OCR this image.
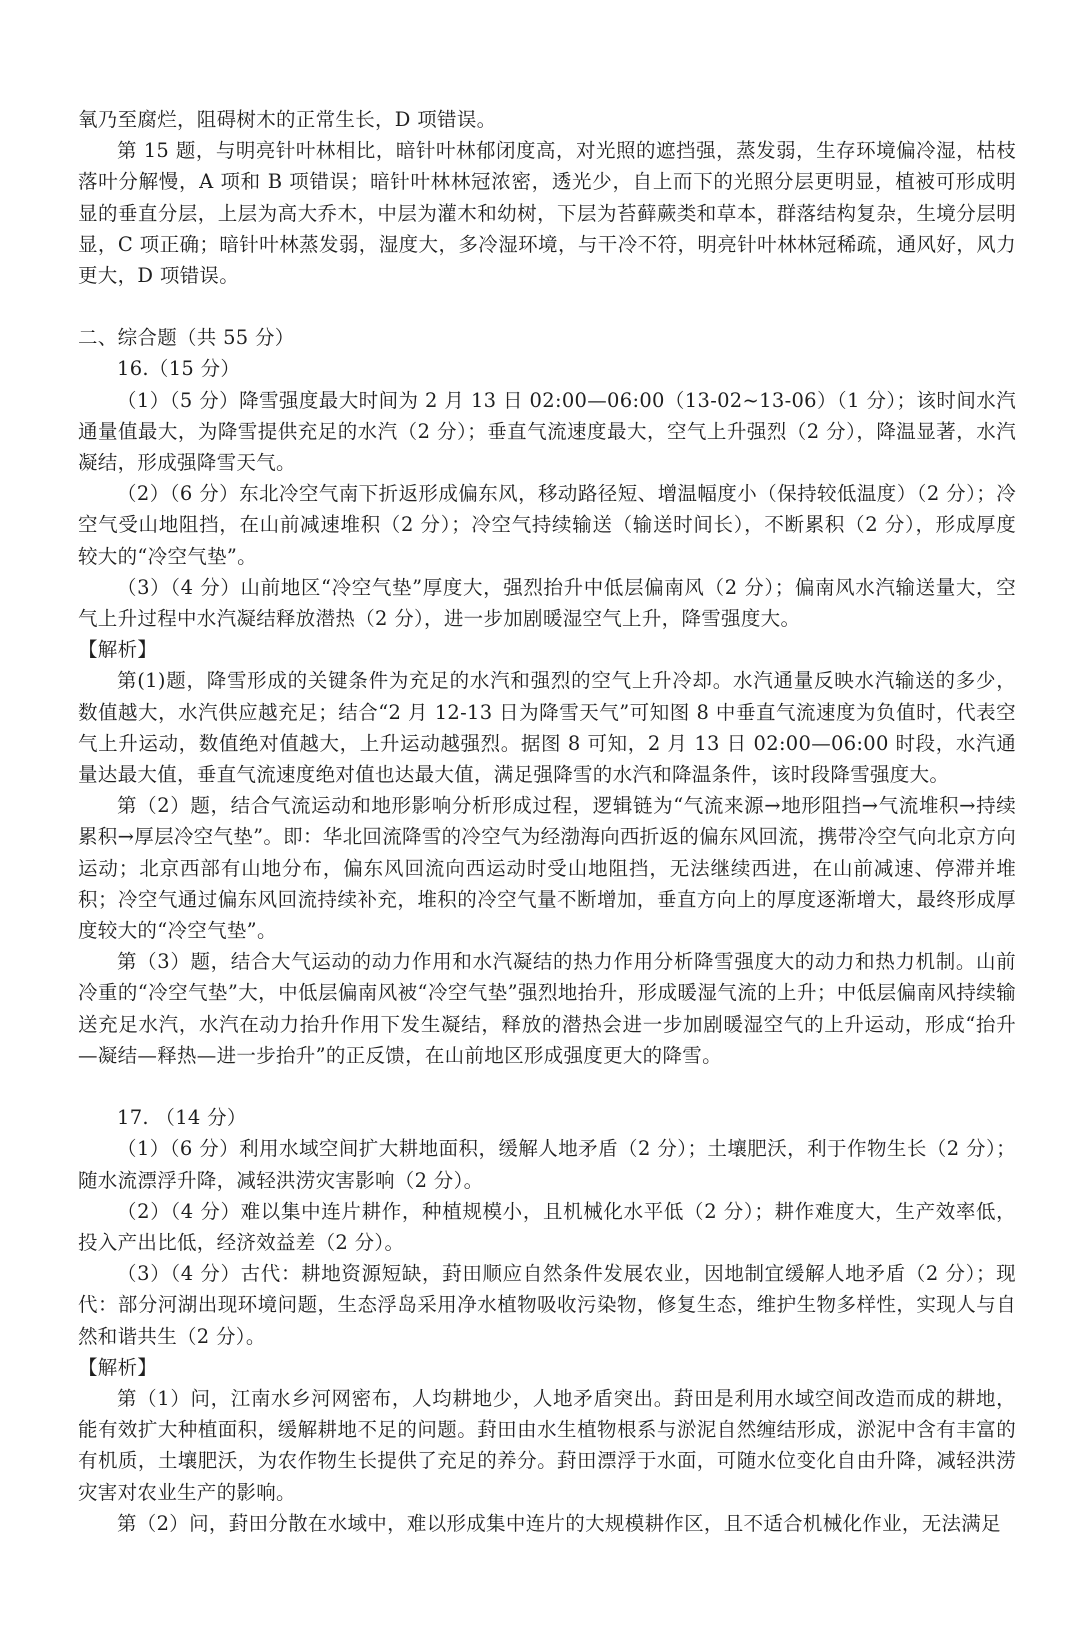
氧乃至腐烂，阻碍树木的正常生长，D 项错误。

第 15 题，与明亮针叶林相比，暗针叶林郁闭度高，对光照的遮挡强，蒸发弱，生存环境偏冷湿，枯枝落叶分解慢，A 项和 B 项错误；暗针叶林林冠浓密，透光少，自上而下的光照分层更明显，植被可形成明显的垂直分层，上层为高大乔木，中层为灌木和幼树，下层为苔藓蕨类和草本，群落结构复杂，生境分层明显，C 项正确；暗针叶林蒸发弱，湿度大，多冷湿环境，与干冷不符，明亮针叶林林冠稀疏，通风好，风力更大，D 项错误。

二、综合题（共 55 分）

16.（15 分）

（1）（5 分）降雪强度最大时间为 2 月 13 日 02:00—06:00（13-02~13-06）（1 分）；该时间水汽通量值最大，为降雪提供充足的水汽（2 分）；垂直气流速度最大，空气上升强烈（2 分），降温显著，水汽凝结，形成强降雪天气。

（2）（6 分）东北冷空气南下折返形成偏东风，移动路径短、增温幅度小（保持较低温度）（2 分）；冷空气受山地阻挡，在山前减速堆积（2 分）；冷空气持续输送（输送时间长），不断累积（2 分），形成厚度较大的“冷空气垫”。

（3）（4 分）山前地区“冷空气垫”厚度大，强烈抬升中低层偏南风（2 分）；偏南风水汽输送量大，空气上升过程中水汽凝结释放潜热（2 分），进一步加剧暖湿空气上升，降雪强度大。

【解析】

第(1)题，降雪形成的关键条件为充足的水汽和强烈的空气上升冷却。水汽通量反映水汽输送的多少，数值越大，水汽供应越充足；结合“2 月 12-13 日为降雪天气”可知图 8 中垂直气流速度为负值时，代表空气上升运动，数值绝对值越大，上升运动越强烈。据图 8 可知，2 月 13 日 02:00—06:00 时段，水汽通量达最大值，垂直气流速度绝对值也达最大值，满足强降雪的水汽和降温条件，该时段降雪强度大。

第（2）题，结合气流运动和地形影响分析形成过程，逻辑链为“气流来源→地形阻挡→气流堆积→持续累积→厚层冷空气垫”。即：华北回流降雪的冷空气为经渤海向西折返的偏东风回流，携带冷空气向北京方向运动；北京西部有山地分布，偏东风回流向西运动时受山地阻挡，无法继续西进，在山前减速、停滞并堆积；冷空气通过偏东风回流持续补充，堆积的冷空气量不断增加，垂直方向上的厚度逐渐增大，最终形成厚度较大的“冷空气垫”。

第（3）题，结合大气运动的动力作用和水汽凝结的热力作用分析降雪强度大的动力和热力机制。山前冷重的“冷空气垫”大，中低层偏南风被“冷空气垫”强烈地抬升，形成暖湿气流的上升；中低层偏南风持续输送充足水汽，水汽在动力抬升作用下发生凝结，释放的潜热会进一步加剧暖湿空气的上升运动，形成“抬升—凝结—释热—进一步抬升”的正反馈，在山前地区形成强度更大的降雪。

17. （14 分）

（1）（6 分）利用水域空间扩大耕地面积，缓解人地矛盾（2 分）；土壤肥沃，利于作物生长（2 分）；随水流漂浮升降，减轻洪涝灾害影响（2 分）。

（2）（4 分）难以集中连片耕作，种植规模小，且机械化水平低（2 分）；耕作难度大，生产效率低，投入产出比低，经济效益差（2 分）。

（3）（4 分）古代：耕地资源短缺，葑田顺应自然条件发展农业，因地制宜缓解人地矛盾（2 分）；现代：部分河湖出现环境问题，生态浮岛采用净水植物吸收污染物，修复生态，维护生物多样性，实现人与自然和谐共生（2 分）。

【解析】

第（1）问，江南水乡河网密布，人均耕地少，人地矛盾突出。葑田是利用水域空间改造而成的耕地，能有效扩大种植面积，缓解耕地不足的问题。葑田由水生植物根系与淤泥自然缠结形成，淤泥中含有丰富的有机质，土壤肥沃，为农作物生长提供了充足的养分。葑田漂浮于水面，可随水位变化自由升降，减轻洪涝灾害对农业生产的影响。

第（2）问，葑田分散在水域中，难以形成集中连片的大规模耕作区，且不适合机械化作业，无法满足
